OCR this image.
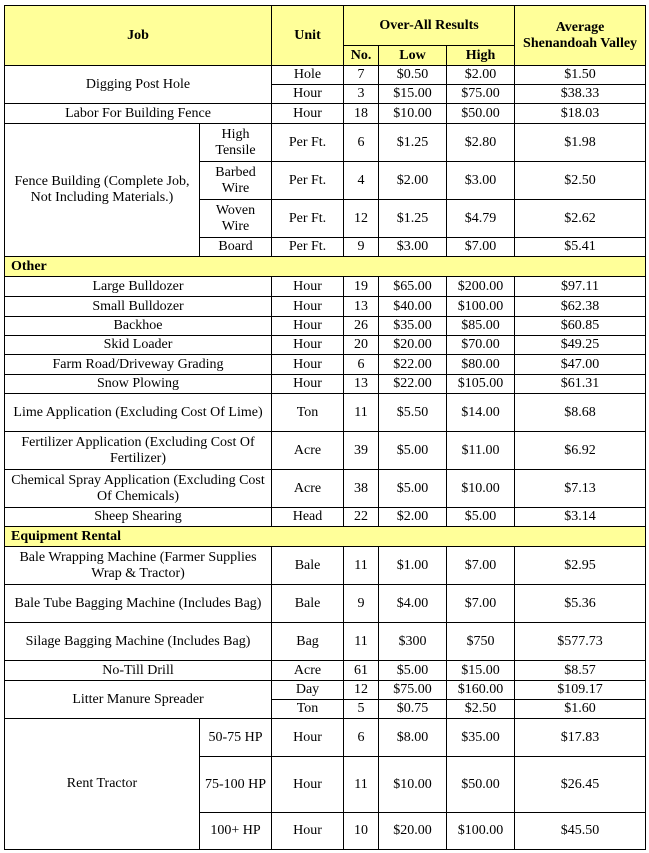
Job		Unit	Over-All Results			Average Shenandoah Valley
			No.	Low	High	
Digging Post Hole		Hole	7	$0.50	$2.00	$1.50
		Hour	3	$15.00	$75.00	$38.33
Labor For Building Fence		Hour	18	$10.00	$50.00	$18.03
Fence Building (Complete Job, Not Including Materials.)	High Tensile	Per Ft.	6	$1.25	$2.80	$1.98
	Barbed Wire	Per Ft.	4	$2.00	$3.00	$2.50
	Woven Wire	Per Ft.	12	$1.25	$4.79	$2.62
	Board	Per Ft.	9	$3.00	$7.00	$5.41
Other						
Large Bulldozer		Hour	19	$65.00	$200.00	$97.11
Small Bulldozer		Hour	13	$40.00	$100.00	$62.38
Backhoe		Hour	26	$35.00	$85.00	$60.85
Skid Loader		Hour	20	$20.00	$70.00	$49.25
Farm Road/Driveway Grading		Hour	6	$22.00	$80.00	$47.00
Snow Plowing		Hour	13	$22.00	$105.00	$61.31
Lime Application (Excluding Cost Of Lime)		Ton	11	$5.50	$14.00	$8.68
Fertilizer Application (Excluding Cost Of Fertilizer)		Acre	39	$5.00	$11.00	$6.92
Chemical Spray Application (Excluding Cost Of Chemicals)		Acre	38	$5.00	$10.00	$7.13
Sheep Shearing		Head	22	$2.00	$5.00	$3.14
Equipment Rental						
Bale Wrapping Machine (Farmer Supplies Wrap & Tractor)		Bale	11	$1.00	$7.00	$2.95
Bale Tube Bagging Machine (Includes Bag)		Bale	9	$4.00	$7.00	$5.36
Silage Bagging Machine (Includes Bag)		Bag	11	$300	$750	$577.73
No-Till Drill		Acre	61	$5.00	$15.00	$8.57
Litter Manure Spreader		Day	12	$75.00	$160.00	$109.17
		Ton	5	$0.75	$2.50	$1.60
Rent Tractor	50-75 HP	Hour	6	$8.00	$35.00	$17.83
	75-100 HP	Hour	11	$10.00	$50.00	$26.45
	100+ HP	Hour	10	$20.00	$100.00	$45.50
